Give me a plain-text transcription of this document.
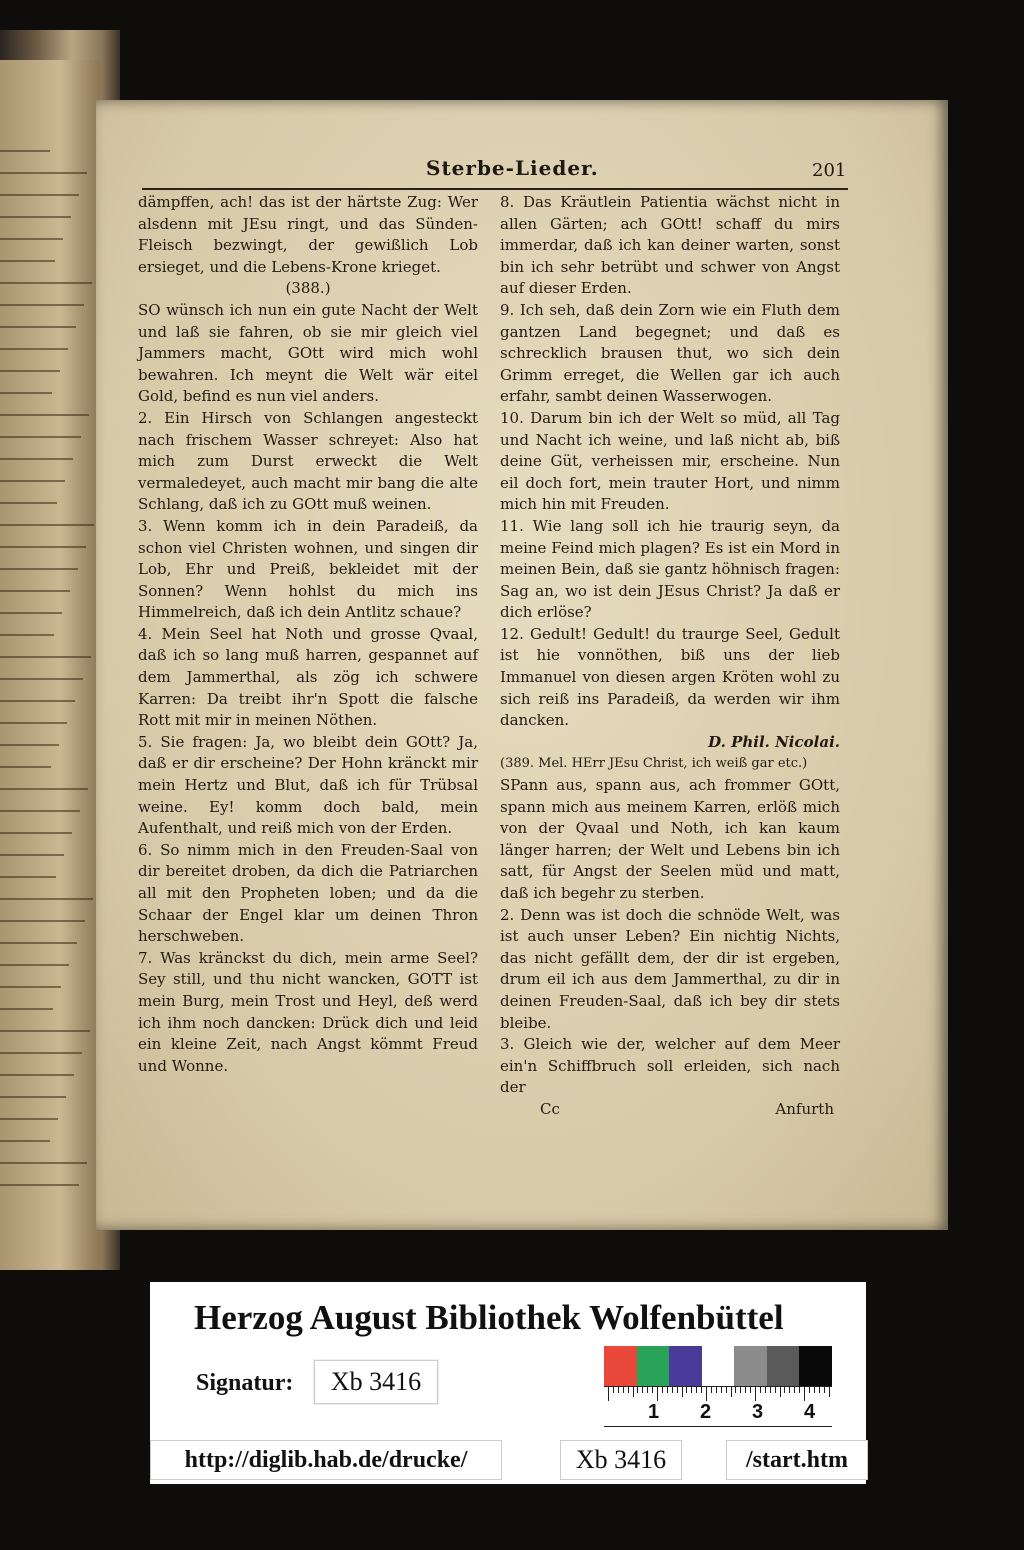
Sterbe-Lieder.	201

dämpffen, ach! das ist der härtste Zug: Wer alsdenn mit JEsu ringt, und das Sünden-Fleisch bezwingt, der gewißlich Lob ersieget, und die Lebens-Krone krieget.

(388.)

SO wünsch ich nun ein gute Nacht der Welt und laß sie fahren, ob sie mir gleich viel Jammers macht, GOtt wird mich wohl bewahren. Ich meynt die Welt wär eitel Gold, befind es nun viel anders.

2. Ein Hirsch von Schlangen angesteckt nach frischem Wasser schreyet: Also hat mich zum Durst erweckt die Welt vermaledeyet, auch macht mir bang die alte Schlang, daß ich zu GOtt muß weinen.

3. Wenn komm ich in dein Paradeiß, da schon viel Christen wohnen, und singen dir Lob, Ehr und Preiß, bekleidet mit der Sonnen? Wenn hohlst du mich ins Himmelreich, daß ich dein Antlitz schaue?

4. Mein Seel hat Noth und grosse Qvaal, daß ich so lang muß harren, gespannet auf dem Jammerthal, als zög ich schwere Karren: Da treibt ihr'n Spott die falsche Rott mit mir in meinen Nöthen.

5. Sie fragen: Ja, wo bleibt dein GOtt? Ja, daß er dir erscheine? Der Hohn kränckt mir mein Hertz und Blut, daß ich für Trübsal weine. Ey! komm doch bald, mein Aufenthalt, und reiß mich von der Erden.

6. So nimm mich in den Freuden-Saal von dir bereitet droben, da dich die Patriarchen all mit den Propheten loben; und da die Schaar der Engel klar um deinen Thron herschweben.

7. Was kränckst du dich, mein arme Seel? Sey still, und thu nicht wancken, GOTT ist mein Burg, mein Trost und Heyl, deß werd ich ihm noch dancken: Drück dich und leid ein kleine Zeit, nach Angst kömmt Freud und Wonne.

8. Das Kräutlein Patientia wächst nicht in allen Gärten; ach GOtt! schaff du mirs immerdar, daß ich kan deiner warten, sonst bin ich sehr betrübt und schwer von Angst auf dieser Erden.

9. Ich seh, daß dein Zorn wie ein Fluth dem gantzen Land begegnet; und daß es schrecklich brausen thut, wo sich dein Grimm erreget, die Wellen gar ich auch erfahr, sambt deinen Wasserwogen.

10. Darum bin ich der Welt so müd, all Tag und Nacht ich weine, und laß nicht ab, biß deine Güt, verheissen mir, erscheine. Nun eil doch fort, mein trauter Hort, und nimm mich hin mit Freuden.

11. Wie lang soll ich hie traurig seyn, da meine Feind mich plagen? Es ist ein Mord in meinen Bein, daß sie gantz höhnisch fragen: Sag an, wo ist dein JEsus Christ? Ja daß er dich erlöse?

12. Gedult! Gedult! du traurge Seel, Gedult ist hie vonnöthen, biß uns der lieb Immanuel von diesen argen Kröten wohl zu sich reiß ins Paradeiß, da werden wir ihm dancken.

D. Phil. Nicolai.

(389. Mel. HErr JEsu Christ, ich weiß gar etc.)

SPann aus, spann aus, ach frommer GOtt, spann mich aus meinem Karren, erlöß mich von der Qvaal und Noth, ich kan kaum länger harren; der Welt und Lebens bin ich satt, für Angst der Seelen müd und matt, daß ich begehr zu sterben.

2. Denn was ist doch die schnöde Welt, was ist auch unser Leben? Ein nichtig Nichts, das nicht gefällt dem, der dir ist ergeben, drum eil ich aus dem Jammerthal, zu dir in deinen Freuden-Saal, daß ich bey dir stets bleibe.

3. Gleich wie der, welcher auf dem Meer ein'n Schiffbruch soll erleiden, sich nach der

Cc	Anfurth
Herzog August Bibliothek Wolfenbüttel
Signatur:	Xb 3416
1 2 3 4
http://diglib.hab.de/drucke/	Xb 3416	/start.htm
